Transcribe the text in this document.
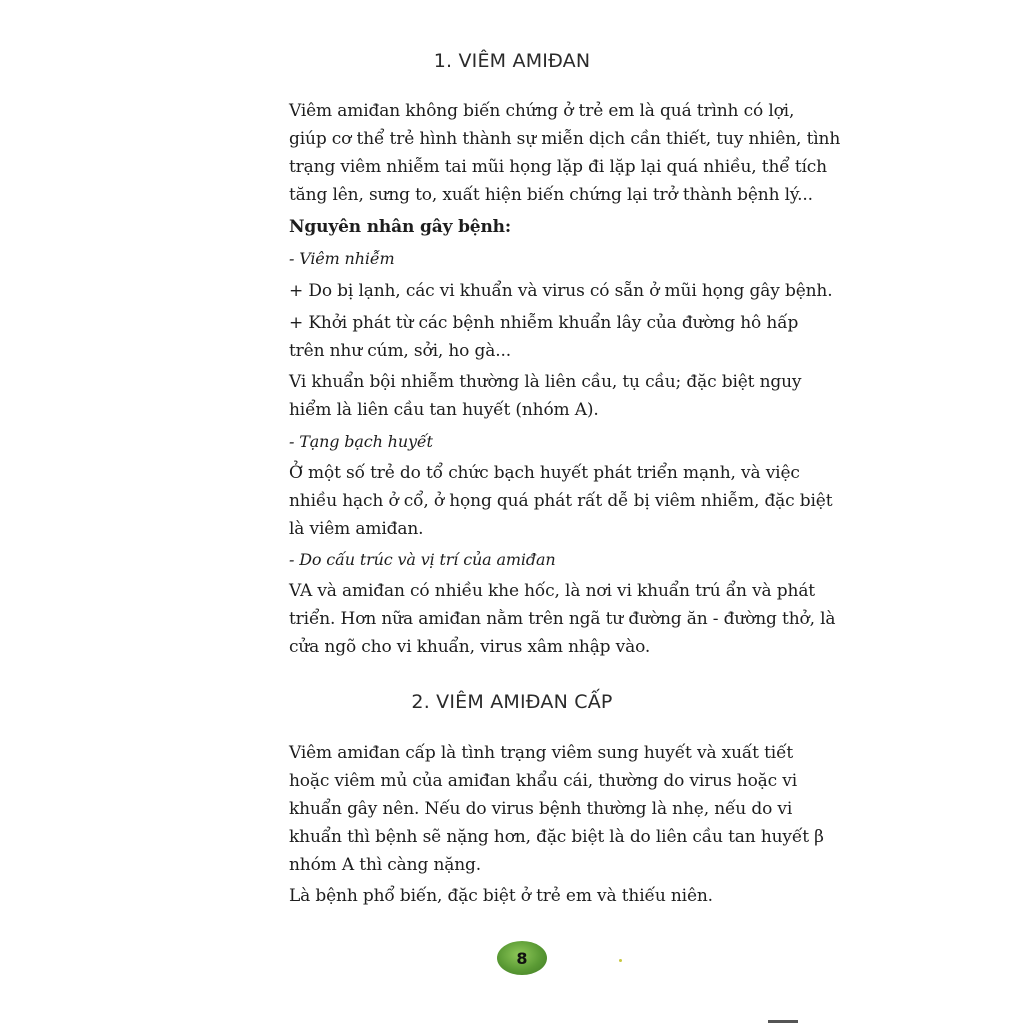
1. VIÊM AMIĐAN
Viêm amiđan không biến chứng ở trẻ em là quá trình có lợi,
giúp cơ thể trẻ hình thành sự miễn dịch cần thiết, tuy nhiên, tình
trạng viêm nhiễm tai mũi họng lặp đi lặp lại quá nhiều, thể tích
tăng lên, sưng to, xuất hiện biến chứng lại trở thành bệnh lý...
Nguyên nhân gây bệnh:
- Viêm nhiễm
+ Do bị lạnh, các vi khuẩn và virus có sẵn ở mũi họng gây bệnh.
+ Khởi phát từ các bệnh nhiễm khuẩn lây của đường hô hấp
trên như cúm, sởi, ho gà...
Vi khuẩn bội nhiễm thường là liên cầu, tụ cầu; đặc biệt nguy
hiểm là liên cầu tan huyết (nhóm A).
- Tạng bạch huyết
Ở một số trẻ do tổ chức bạch huyết phát triển mạnh, và việc
nhiều hạch ở cổ, ở họng quá phát rất dễ bị viêm nhiễm, đặc biệt
là viêm amiđan.
- Do cấu trúc và vị trí của amiđan
VA và amiđan có nhiều khe hốc, là nơi vi khuẩn trú ẩn và phát
triển. Hơn nữa amiđan nằm trên ngã tư đường ăn - đường thở, là
cửa ngõ cho vi khuẩn, virus xâm nhập vào.
2. VIÊM AMIĐAN CẤP
Viêm amiđan cấp là tình trạng viêm sung huyết và xuất tiết
hoặc viêm mủ của amiđan khẩu cái, thường do virus hoặc vi
khuẩn gây nên. Nếu do virus bệnh thường là nhẹ, nếu do vi
khuẩn thì bệnh sẽ nặng hơn, đặc biệt là do liên cầu tan huyết β
nhóm A thì càng nặng.
Là bệnh phổ biến, đặc biệt ở trẻ em và thiếu niên.
8
